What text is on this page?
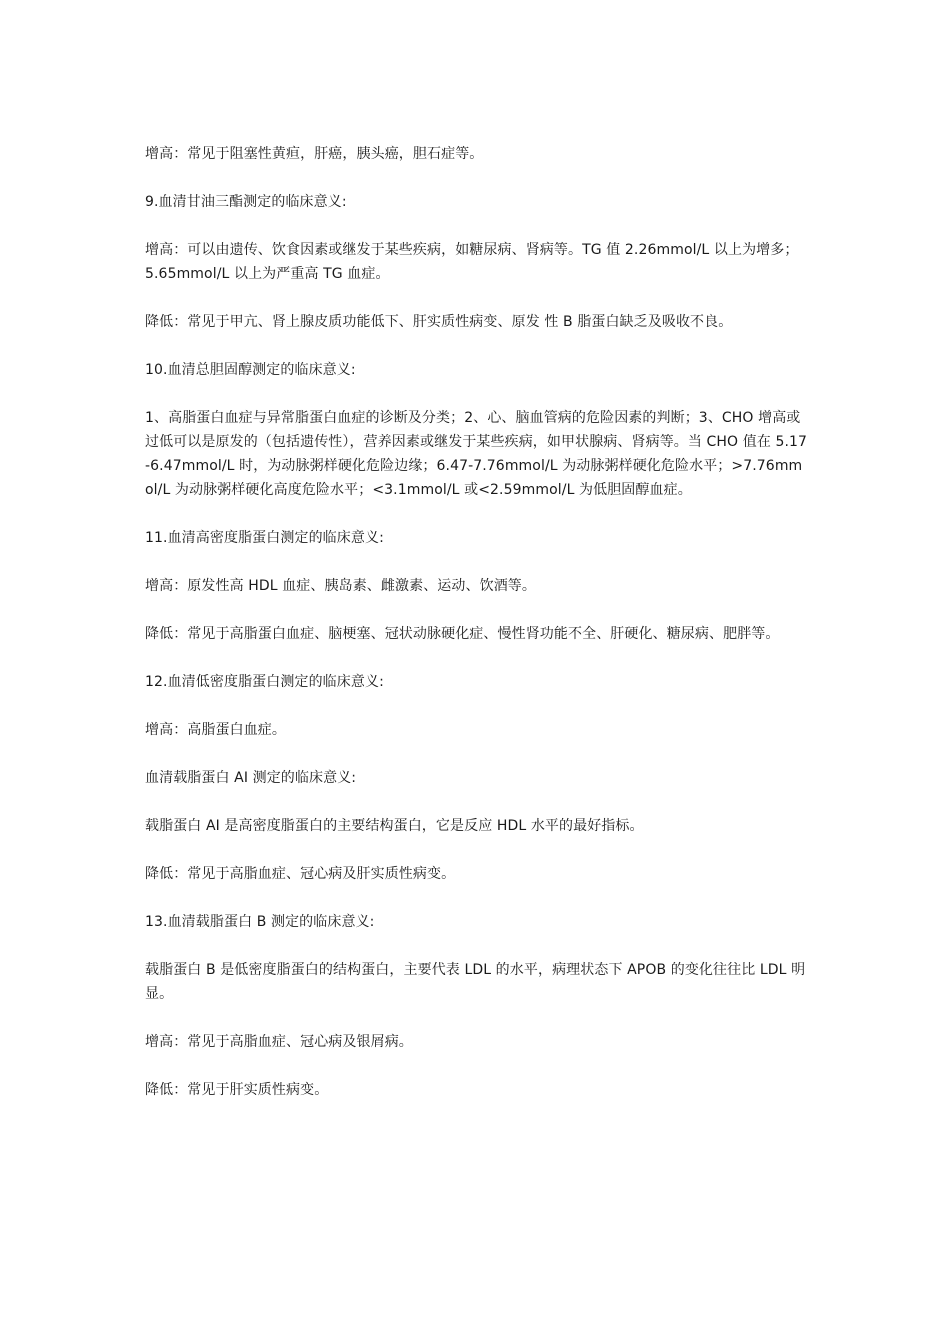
增高：常见于阻塞性黄疸，肝癌，胰头癌，胆石症等。

9.血清甘油三酯测定的临床意义:

增高：可以由遗传、饮食因素或继发于某些疾病，如糖尿病、肾病等。TG 值 2.26mmol/L 以上为增多；5.65mmol/L 以上为严重高 TG 血症。

降低：常见于甲亢、肾上腺皮质功能低下、肝实质性病变、原发 性 B 脂蛋白缺乏及吸收不良。

10.血清总胆固醇测定的临床意义:

1、高脂蛋白血症与异常脂蛋白血症的诊断及分类；2、心、脑血管病的危险因素的判断；3、CHO 增高或过低可以是原发的（包括遗传性），营养因素或继发于某些疾病，如甲状腺病、肾病等。当 CHO 值在 5.17-6.47mmol/L 时，为动脉粥样硬化危险边缘；6.47-7.76mmol/L 为动脉粥样硬化危险水平；>7.76mmol/L 为动脉粥样硬化高度危险水平；<3.1mmol/L 或<2.59mmol/L 为低胆固醇血症。

11.血清高密度脂蛋白测定的临床意义:

增高：原发性高 HDL 血症、胰岛素、雌激素、运动、饮酒等。

降低：常见于高脂蛋白血症、脑梗塞、冠状动脉硬化症、慢性肾功能不全、肝硬化、糖尿病、肥胖等。

12.血清低密度脂蛋白测定的临床意义:

增高：高脂蛋白血症。

血清载脂蛋白 AI 测定的临床意义:

载脂蛋白 AI 是高密度脂蛋白的主要结构蛋白，它是反应 HDL 水平的最好指标。

降低：常见于高脂血症、冠心病及肝实质性病变。

13.血清载脂蛋白 B 测定的临床意义:

载脂蛋白 B 是低密度脂蛋白的结构蛋白，主要代表 LDL 的水平，病理状态下 APOB 的变化往往比 LDL 明显。

增高：常见于高脂血症、冠心病及银屑病。

降低：常见于肝实质性病变。
